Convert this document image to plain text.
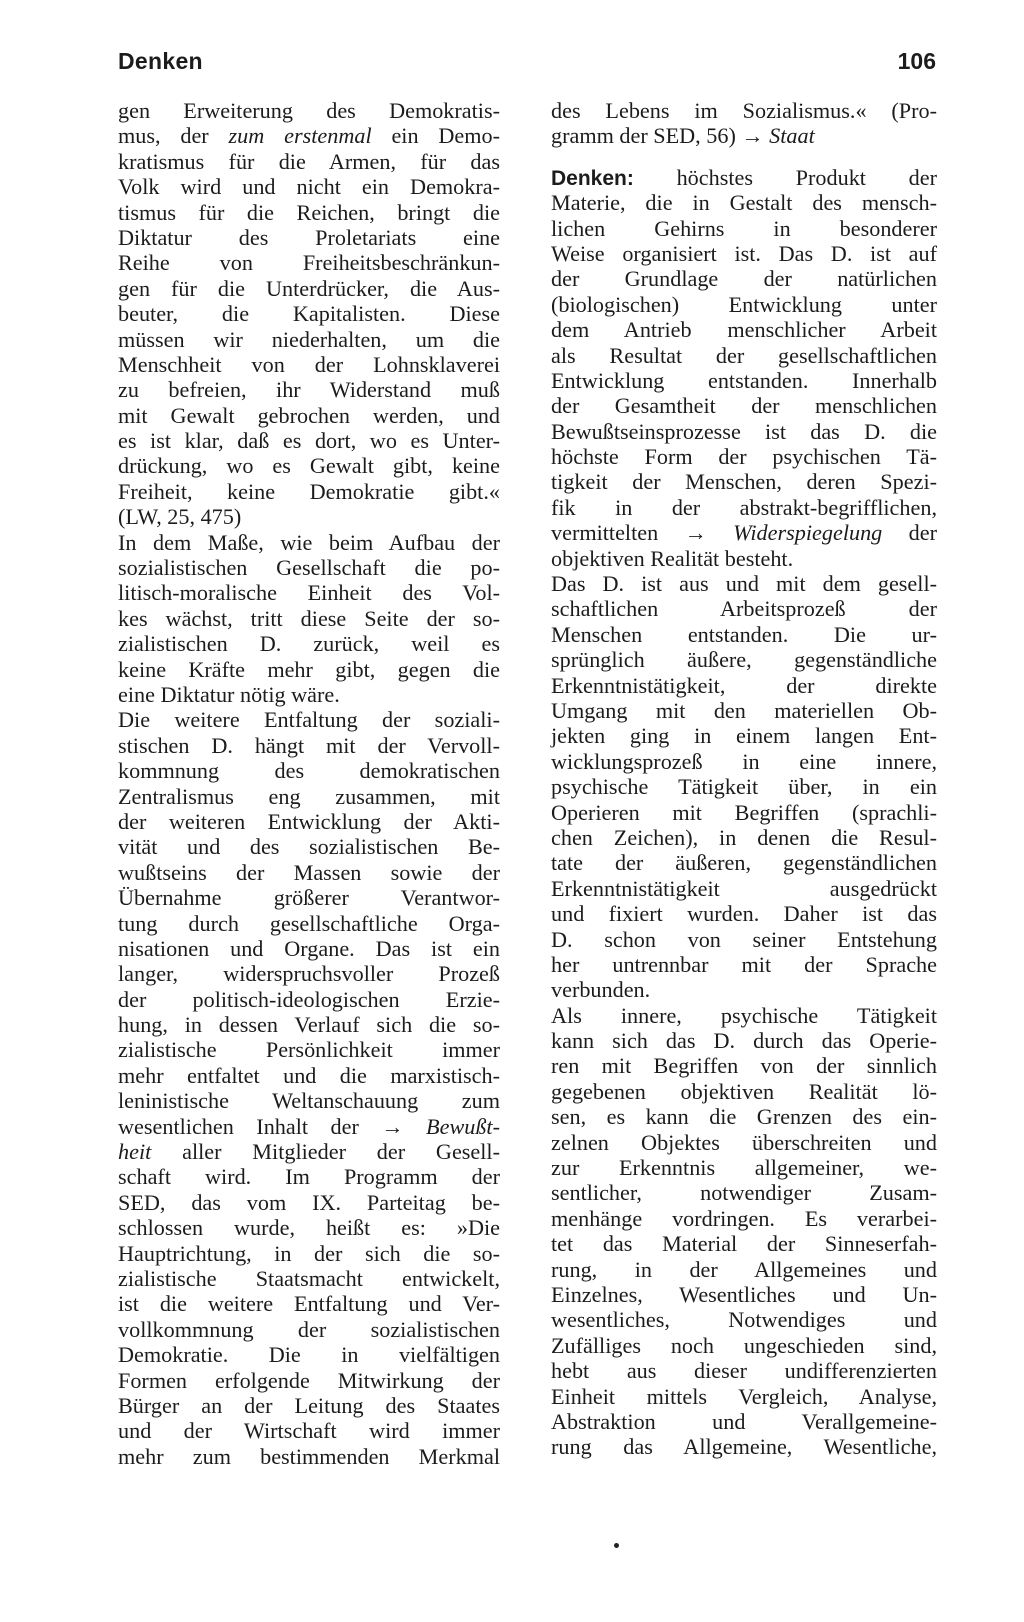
Denken	106
gen Erweiterung des Demokratis-
mus, der zum erstenmal ein Demo-
kratismus für die Armen, für das
Volk wird und nicht ein Demokra-
tismus für die Reichen, bringt die
Diktatur des Proletariats eine
Reihe von Freiheitsbeschränkun-
gen für die Unterdrücker, die Aus-
beuter, die Kapitalisten. Diese
müssen wir niederhalten, um die
Menschheit von der Lohnsklaverei
zu befreien, ihr Widerstand muß
mit Gewalt gebrochen werden, und
es ist klar, daß es dort, wo es Unter-
drückung, wo es Gewalt gibt, keine
Freiheit, keine Demokratie gibt.«
(LW, 25, 475)
In dem Maße, wie beim Aufbau der
sozialistischen Gesellschaft die po-
litisch-moralische Einheit des Vol-
kes wächst, tritt diese Seite der so-
zialistischen D. zurück, weil es
keine Kräfte mehr gibt, gegen die
eine Diktatur nötig wäre.
Die weitere Entfaltung der soziali-
stischen D. hängt mit der Vervoll-
kommnung des demokratischen
Zentralismus eng zusammen, mit
der weiteren Entwicklung der Akti-
vität und des sozialistischen Be-
wußtseins der Massen sowie der
Übernahme größerer Verantwor-
tung durch gesellschaftliche Orga-
nisationen und Organe. Das ist ein
langer, widerspruchsvoller Prozeß
der politisch-ideologischen Erzie-
hung, in dessen Verlauf sich die so-
zialistische Persönlichkeit immer
mehr entfaltet und die marxistisch-
leninistische Weltanschauung zum
wesentlichen Inhalt der → Bewußt-
heit aller Mitglieder der Gesell-
schaft wird. Im Programm der
SED, das vom IX. Parteitag be-
schlossen wurde, heißt es: »Die
Hauptrichtung, in der sich die so-
zialistische Staatsmacht entwickelt,
ist die weitere Entfaltung und Ver-
vollkommnung der sozialistischen
Demokratie. Die in vielfältigen
Formen erfolgende Mitwirkung der
Bürger an der Leitung des Staates
und der Wirtschaft wird immer
mehr zum bestimmenden Merkmal
des Lebens im Sozialismus.« (Pro-
gramm der SED, 56) → Staat
Denken: höchstes Produkt der
Materie, die in Gestalt des mensch-
lichen Gehirns in besonderer
Weise organisiert ist. Das D. ist auf
der Grundlage der natürlichen
(biologischen) Entwicklung unter
dem Antrieb menschlicher Arbeit
als Resultat der gesellschaftlichen
Entwicklung entstanden. Innerhalb
der Gesamtheit der menschlichen
Bewußtseinsprozesse ist das D. die
höchste Form der psychischen Tä-
tigkeit der Menschen, deren Spezi-
fik in der abstrakt-begrifflichen,
vermittelten → Widerspiegelung der
objektiven Realität besteht.
Das D. ist aus und mit dem gesell-
schaftlichen Arbeitsprozeß der
Menschen entstanden. Die ur-
sprünglich äußere, gegenständliche
Erkenntnistätigkeit, der direkte
Umgang mit den materiellen Ob-
jekten ging in einem langen Ent-
wicklungsprozeß in eine innere,
psychische Tätigkeit über, in ein
Operieren mit Begriffen (sprachli-
chen Zeichen), in denen die Resul-
tate der äußeren, gegenständlichen
Erkenntnistätigkeit ausgedrückt
und fixiert wurden. Daher ist das
D. schon von seiner Entstehung
her untrennbar mit der Sprache
verbunden.
Als innere, psychische Tätigkeit
kann sich das D. durch das Operie-
ren mit Begriffen von der sinnlich
gegebenen objektiven Realität lö-
sen, es kann die Grenzen des ein-
zelnen Objektes überschreiten und
zur Erkenntnis allgemeiner, we-
sentlicher, notwendiger Zusam-
menhänge vordringen. Es verarbei-
tet das Material der Sinneserfah-
rung, in der Allgemeines und
Einzelnes, Wesentliches und Un-
wesentliches, Notwendiges und
Zufälliges noch ungeschieden sind,
hebt aus dieser undifferenzierten
Einheit mittels Vergleich, Analyse,
Abstraktion und Verallgemeine-
rung das Allgemeine, Wesentliche,
